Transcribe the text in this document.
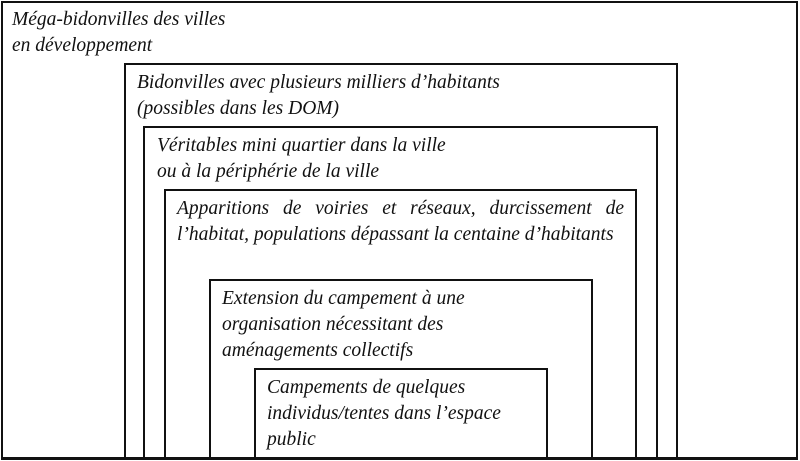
Méga-bidonvilles des villes
en développement
Bidonvilles avec plusieurs milliers d’habitants
(possibles dans les DOM)
Véritables mini quartier dans la ville
ou à la périphérie de la ville
Apparitions de voiries et réseaux, durcissement de l’habitat, populations dépassant la centaine d’habitants
Extension du campement à une
organisation nécessitant des
aménagements collectifs
Campements de quelques
individus/tentes dans l’espace
public
